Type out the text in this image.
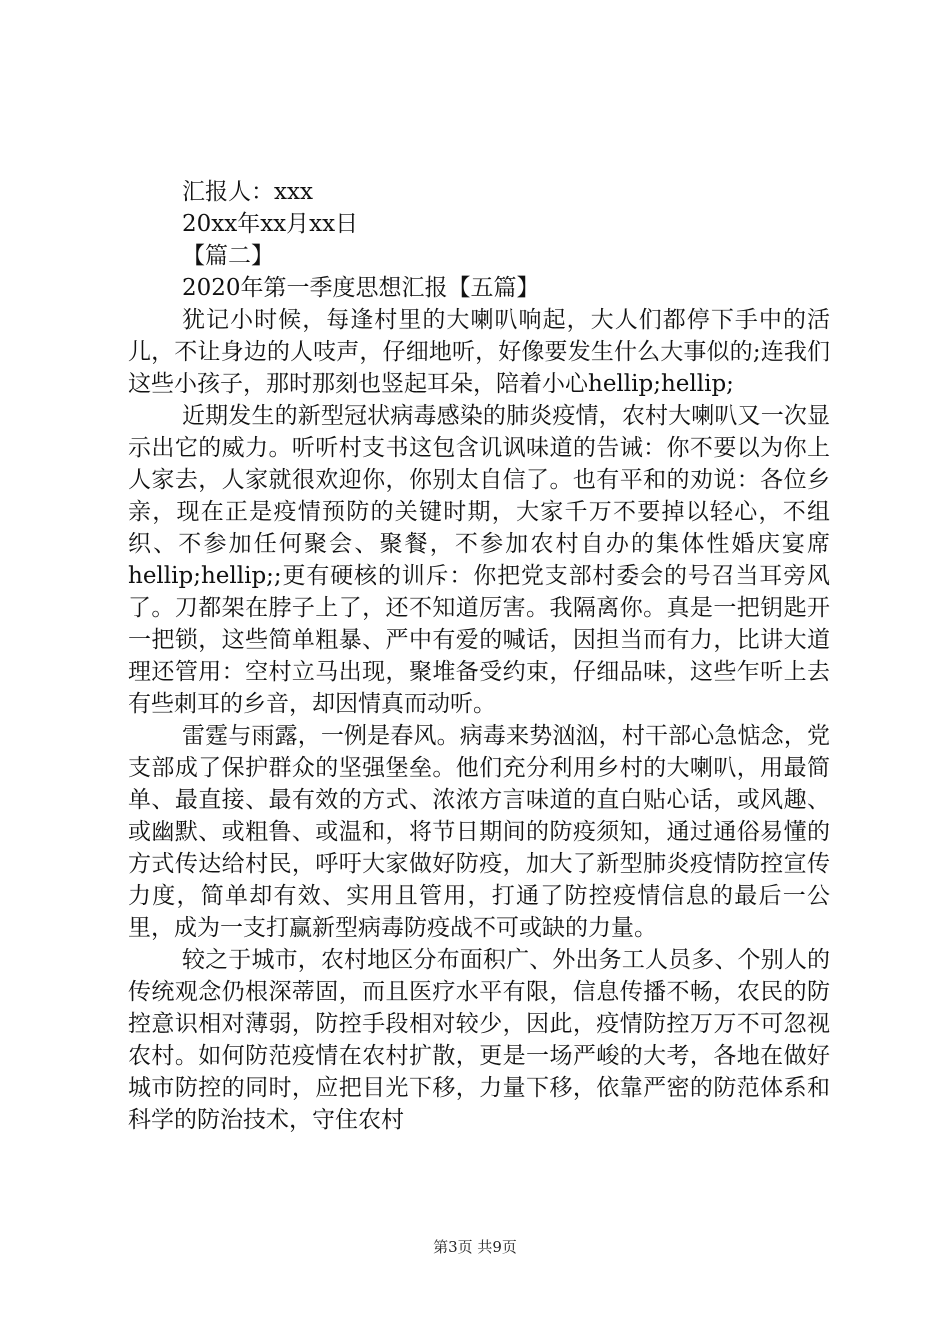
汇报人：xxx

20xx年xx月xx日

【篇二】

2020年第一季度思想汇报【五篇】

犹记小时候，每逢村里的大喇叭响起，大人们都停下手中的活儿，不让身边的人吱声，仔细地听，好像要发生什么大事似的;连我们这些小孩子，那时那刻也竖起耳朵，陪着小心hellip;hellip;

近期发生的新型冠状病毒感染的肺炎疫情，农村大喇叭又一次显示出它的威力。听听村支书这包含讥讽味道的告诫：你不要以为你上人家去，人家就很欢迎你，你别太自信了。也有平和的劝说：各位乡亲，现在正是疫情预防的关键时期，大家千万不要掉以轻心，不组织、不参加任何聚会、聚餐，不参加农村自办的集体性婚庆宴席hellip;hellip;;更有硬核的训斥：你把党支部村委会的号召当耳旁风了。刀都架在脖子上了，还不知道厉害。我隔离你。真是一把钥匙开一把锁，这些简单粗暴、严中有爱的喊话，因担当而有力，比讲大道理还管用：空村立马出现，聚堆备受约束，仔细品味，这些乍听上去有些刺耳的乡音，却因情真而动听。

雷霆与雨露，一例是春风。病毒来势汹汹，村干部心急惦念，党支部成了保护群众的坚强堡垒。他们充分利用乡村的大喇叭，用最简单、最直接、最有效的方式、浓浓方言味道的直白贴心话，或风趣、或幽默、或粗鲁、或温和，将节日期间的防疫须知，通过通俗易懂的方式传达给村民，呼吁大家做好防疫，加大了新型肺炎疫情防控宣传力度，简单却有效、实用且管用，打通了防控疫情信息的最后一公里，成为一支打赢新型病毒防疫战不可或缺的力量。

较之于城市，农村地区分布面积广、外出务工人员多、个别人的传统观念仍根深蒂固，而且医疗水平有限，信息传播不畅，农民的防控意识相对薄弱，防控手段相对较少，因此，疫情防控万万不可忽视农村。如何防范疫情在农村扩散，更是一场严峻的大考，各地在做好城市防控的同时，应把目光下移，力量下移，依靠严密的防范体系和科学的防治技术，守住农村

第3页 共9页
